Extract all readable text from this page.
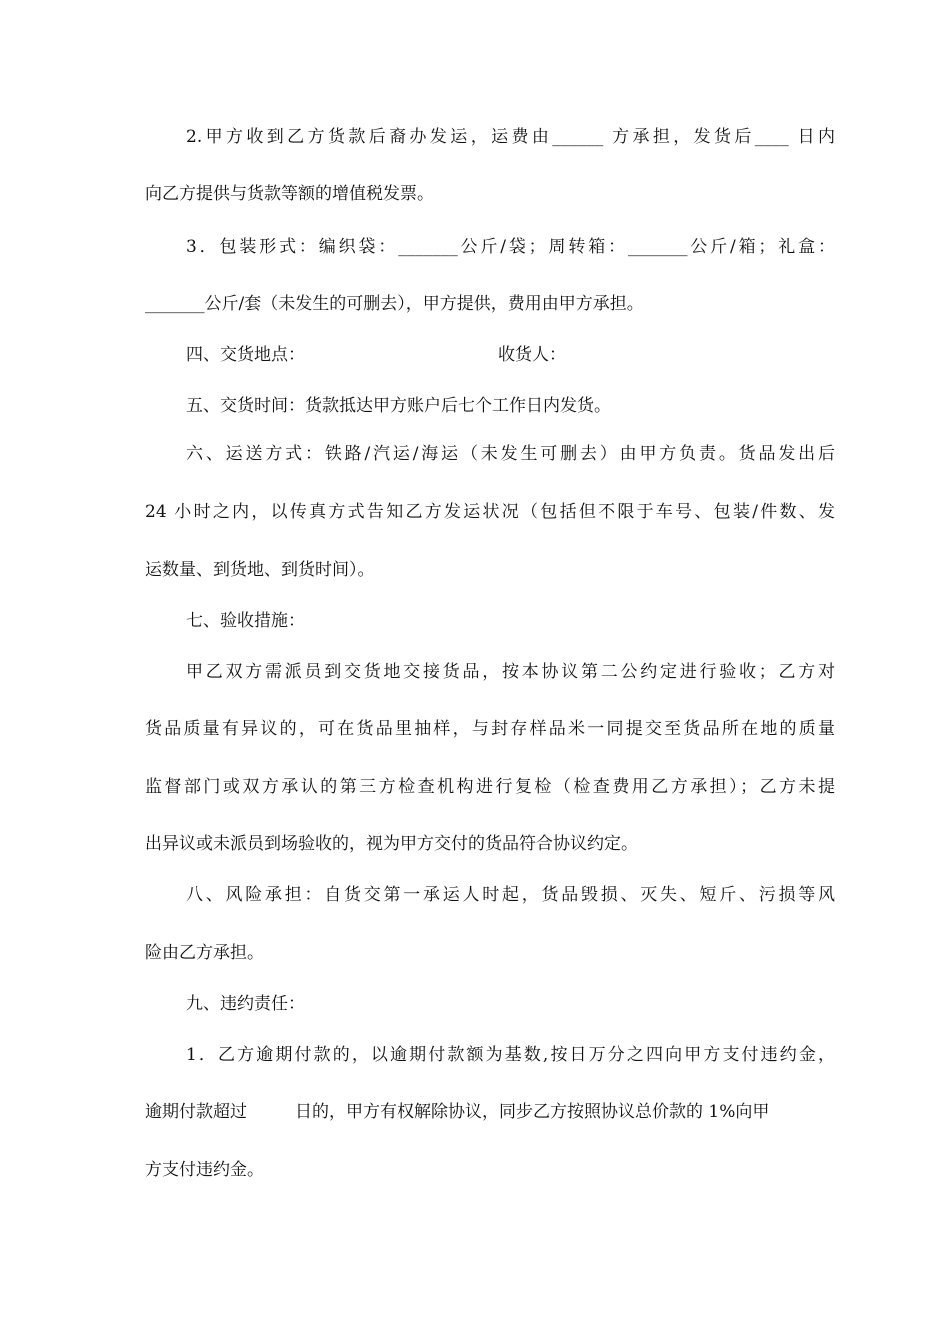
2.甲方收到乙方货款后裔办发运，运费由______ 方承担，发货后____ 日内
向乙方提供与货款等额的增值税发票。
3．包装形式：编织袋：_______公斤/袋；周转箱：_______公斤/箱；礼盒：
_______公斤/套（未发生的可删去），甲方提供，费用由甲方承担。
四、交货地点：	收货人：
五、交货时间：货款抵达甲方账户后七个工作日内发货。
六、运送方式：铁路/汽运/海运（未发生可删去）由甲方负责。货品发出后
24 小时之内，以传真方式告知乙方发运状况（包括但不限于车号、包装/件数、发
运数量、到货地、到货时间）。
七、验收措施：
甲乙双方需派员到交货地交接货品，按本协议第二公约定进行验收；乙方对
货品质量有异议的，可在货品里抽样，与封存样品米一同提交至货品所在地的质量
监督部门或双方承认的第三方检查机构进行复检（检查费用乙方承担）；乙方未提
出异议或未派员到场验收的，视为甲方交付的货品符合协议约定。
八、风险承担：自货交第一承运人时起，货品毁损、灭失、短斤、污损等风
险由乙方承担。
九、违约责任：
1．乙方逾期付款的，以逾期付款额为基数,按日万分之四向甲方支付违约金，
逾期付款超过	日的，甲方有权解除协议，同步乙方按照协议总价款的 1%向甲
方支付违约金。
